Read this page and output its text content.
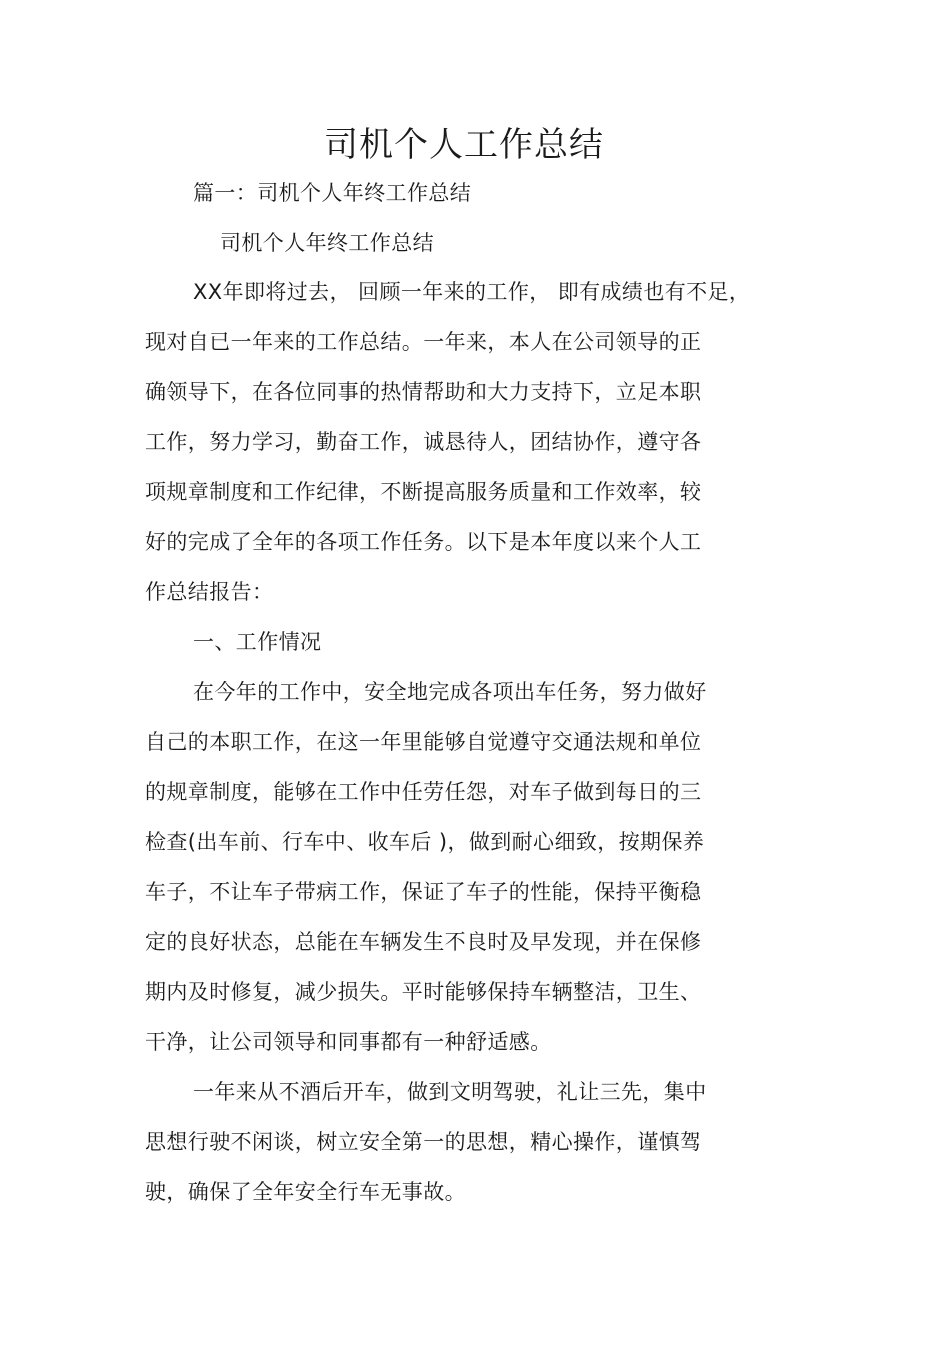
司机个人工作总结
篇一：司机个人年终工作总结
司机个人年终工作总结
XX年即将过去， 回顾一年来的工作， 即有成绩也有不足，
现对自已一年来的工作总结。一年来，本人在公司领导的正
确领导下，在各位同事的热情帮助和大力支持下，立足本职
工作，努力学习，勤奋工作，诚恳待人，团结协作，遵守各
项规章制度和工作纪律，不断提高服务质量和工作效率，较
好的完成了全年的各项工作任务。以下是本年度以来个人工
作总结报告：
一、工作情况
在今年的工作中，安全地完成各项出车任务，努力做好
自己的本职工作，在这一年里能够自觉遵守交通法规和单位
的规章制度，能够在工作中任劳任怨，对车子做到每日的三
检查(出车前、行车中、收车后 )，做到耐心细致，按期保养
车子，不让车子带病工作，保证了车子的性能，保持平衡稳
定的良好状态，总能在车辆发生不良时及早发现，并在保修
期内及时修复，减少损失。平时能够保持车辆整洁，卫生、
干净，让公司领导和同事都有一种舒适感。
一年来从不酒后开车，做到文明驾驶，礼让三先，集中
思想行驶不闲谈，树立安全第一的思想，精心操作，谨慎驾
驶，确保了全年安全行车无事故。
